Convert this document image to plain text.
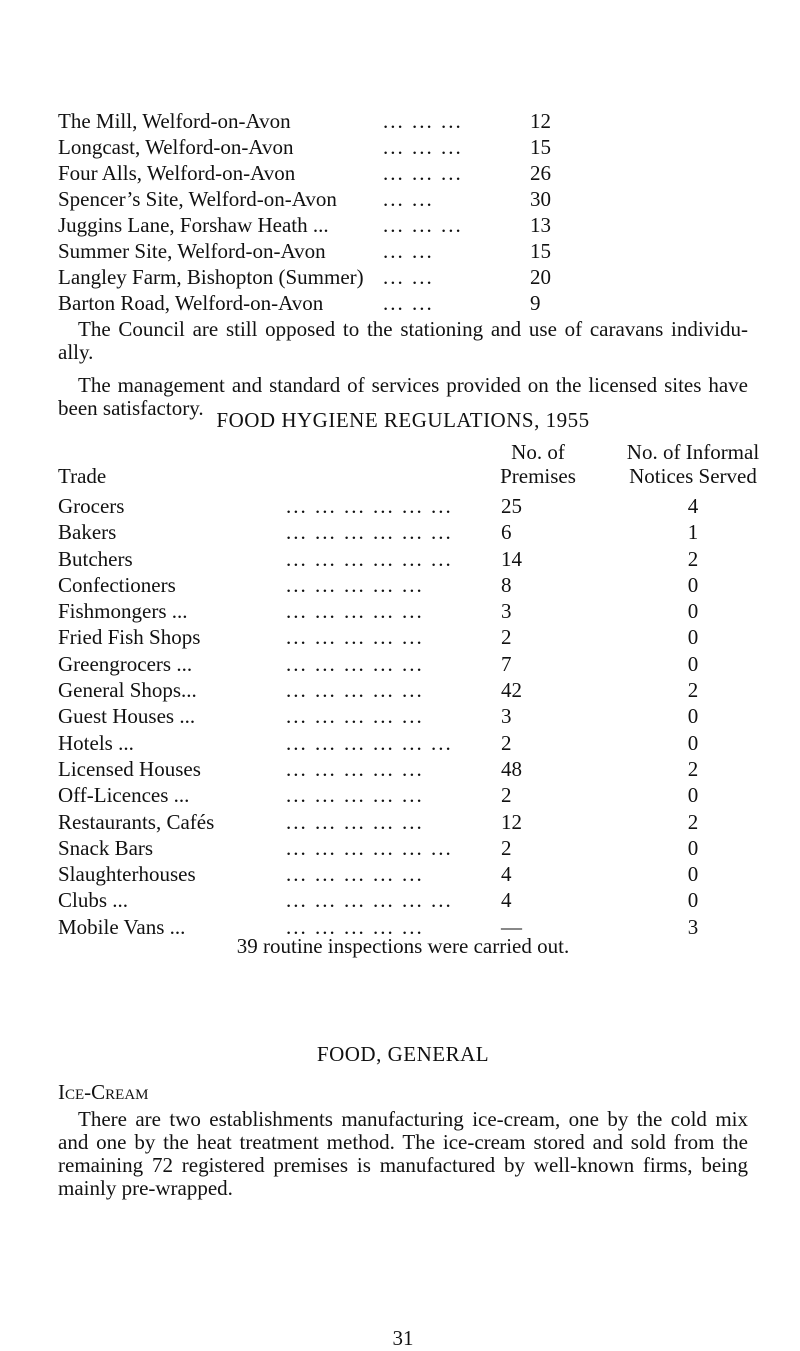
The Mill, Welford-on-Avon	... ... ...	12
Longcast, Welford-on-Avon	... ... ...	15
Four Alls, Welford-on-Avon	... ... ...	26
Spencer’s Site, Welford-on-Avon ... ...	30
Juggins Lane, Forshaw Heath ...	... ... ...	13
Summer Site, Welford-on-Avon	... ...	15
Langley Farm, Bishopton (Summer) ... ...	20
Barton Road, Welford-on-Avon	... ...	9

The Council are still opposed to the stationing and use of caravans individu- ally.

The management and standard of services provided on the licensed sites have been satisfactory. FOOD HYGIENE REGULATIONS, 1955
Trade
No. of
Premises
No. of Informal
Notices Served
Grocers	... ... ... ... ... ... 25	4
Bakers	... ... ... ... ... ... 6	1
Butchers	... ... ... ... ... ... 14	2
Confectioners	... ... ... ... ...	8	0
Fishmongers ...	... ... ... ... ...	3	0
Fried Fish Shops	... ... ... ... ...	2	0
Greengrocers ...	... ... ... ... ...	7	0
General Shops...	... ... ... ... ...	42	2
Guest Houses ...	... ... ... ... ...	3	0
Hotels ...	... ... ... ... ... ... 2	0
Licensed Houses	... ... ... ... ...	48	2
Off-Licences ...	... ... ... ... ...	2	0
Restaurants, Cafés	... ... ... ... ...	12	2
Snack Bars	... ... ... ... ... ... 2	0
Slaughterhouses	... ... ... ... ...	4	0
Clubs ...	... ... ... ... ... ... 4	0
Mobile Vans ...	... ... ... ... ...	—	3
39 routine inspections were carried out.
FOOD, GENERAL
Ice-Cream

There are two establishments manufacturing ice-cream, one by the cold mix and one by the heat treatment method. The ice-cream stored and sold from the remaining 72 registered premises is manufactured by well-known firms, being mainly pre-wrapped.

31
